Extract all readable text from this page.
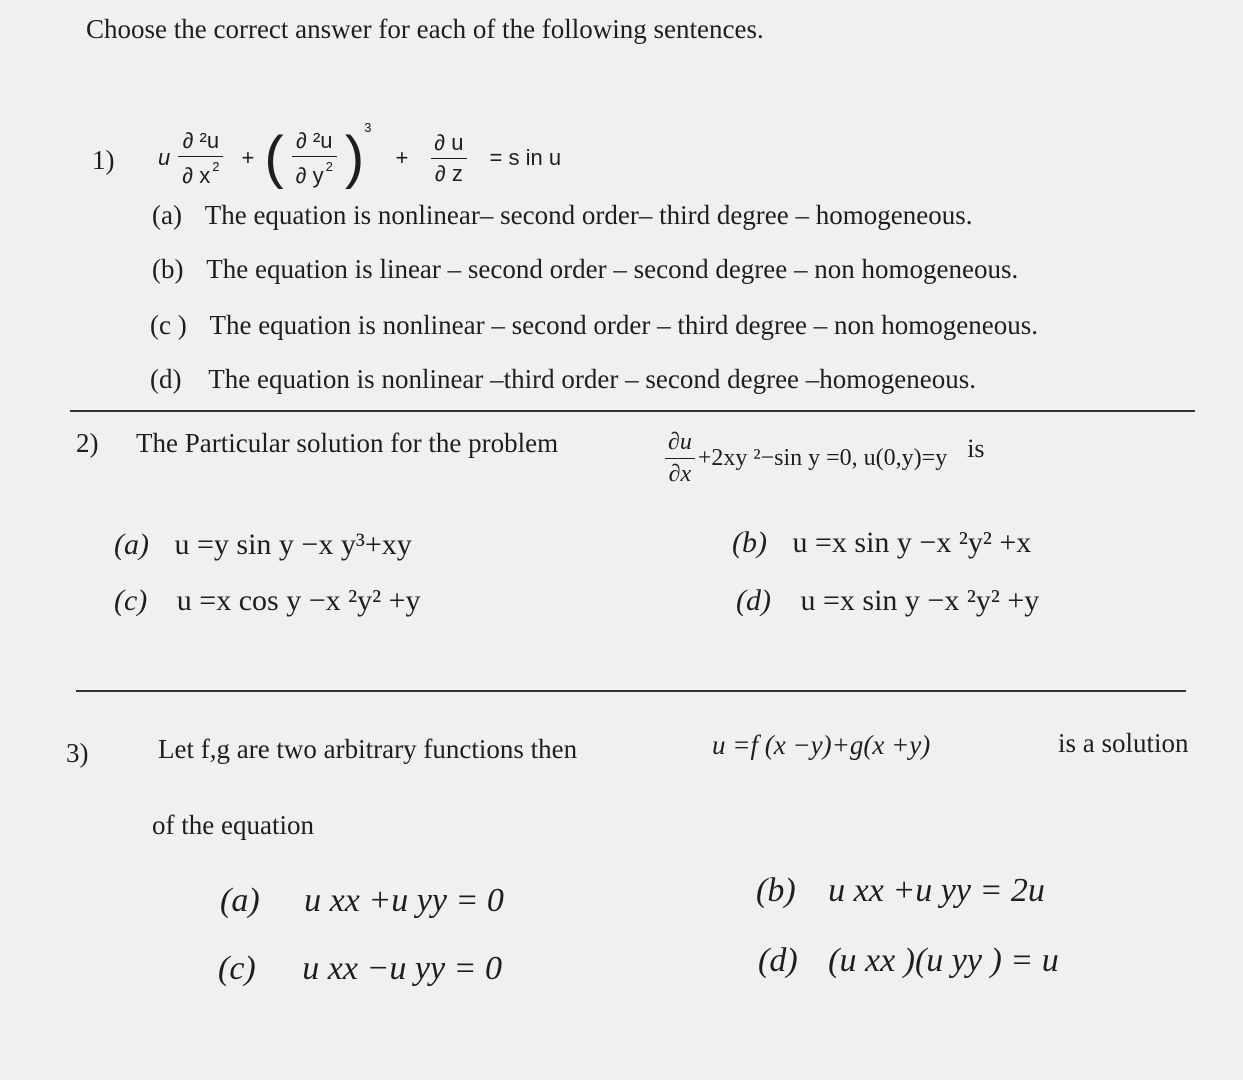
Choose the correct answer for each of the following sentences.
1) u $\frac{\text{∂ ²u}}{\partial x ^2}$ + ( $\frac{\text{∂ ²u}}{\partial y ^2}$ ) 3
+ $\frac{\partial u}{\partial z} = s$ in u
(a) The equation is nonlinear– second order– third degree – homogeneous.
(b) The equation is linear – second order – second degree – non homogeneous.
(c ) The equation is nonlinear – second order – third degree – non homogeneous.
(d) The equation is nonlinear –third order – second degree –homogeneous.
2) The Particular solution for the problem	$\frac{\partial u}{\partial x} +2xy$ ²−sin y =0, u(0,y)=y is
(a) u =y sin y −x y³+xy	(b) u =x sin y −x ²y² +x
(c) u =x cos y −x ²y² +y	(d) u =x sin y −x ²y² +y
3)	Let f,g are two arbitrary functions then	u =f (x −y)+g(x +y)	is a solution
of the equation
(a) u xx +u yy = 0	(b) u xx +u yy = 2u
(c) u xx −u yy = 0	(d) (u xx )(u yy ) = u
